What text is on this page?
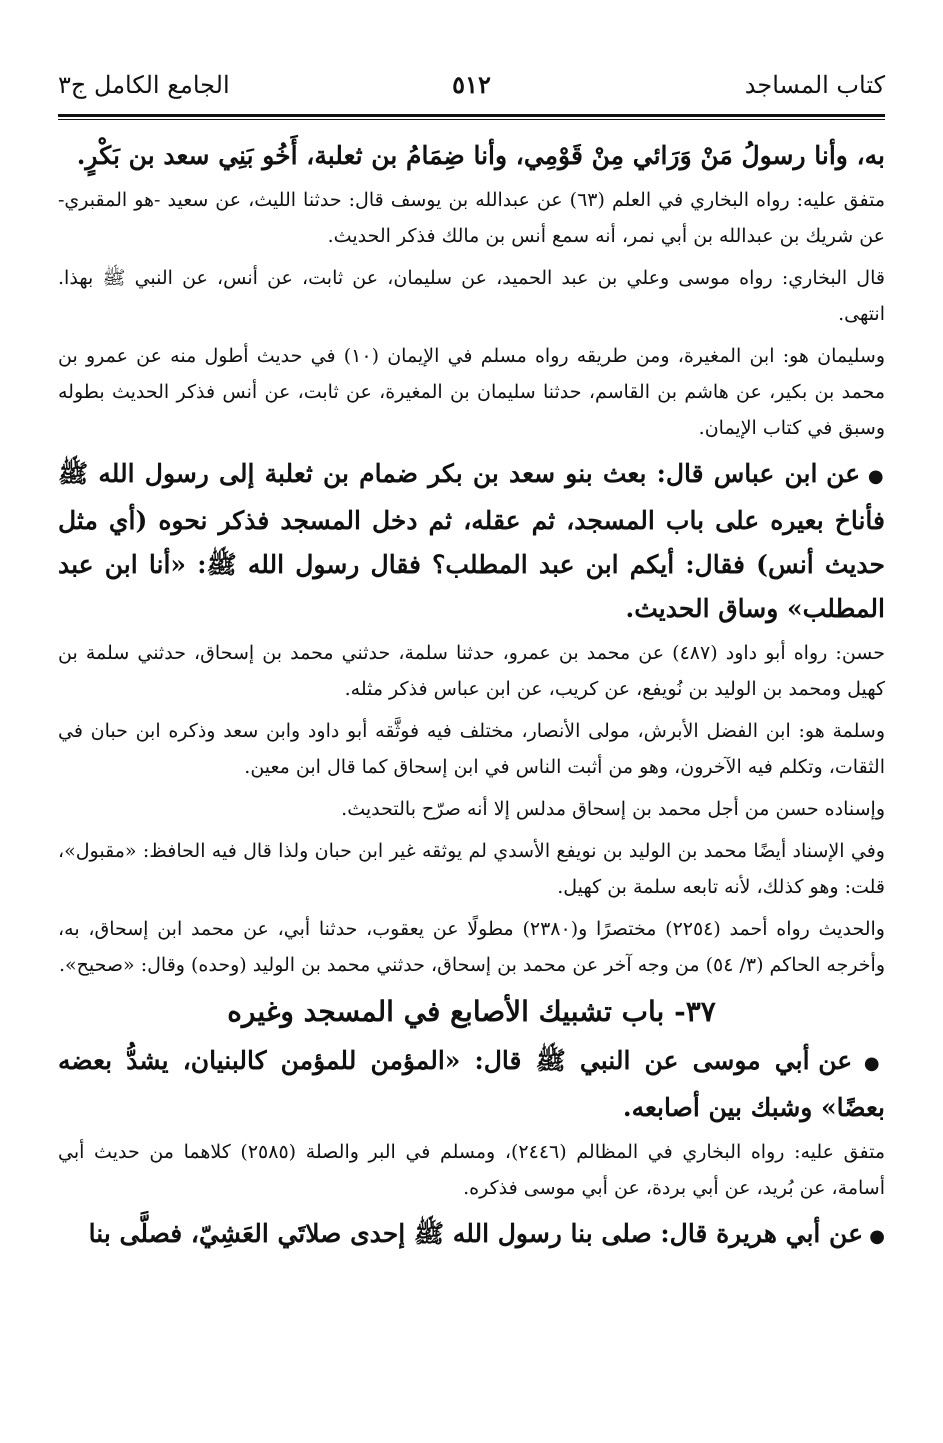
كتاب المساجد
٥١٢
الجامع الكامل ج٣

به، وأنا رسولُ مَنْ وَرَائي مِنْ قَوْمِي، وأنا ضِمَامُ بن ثعلبة، أَخُو بَنِي سعد بن بَكْرٍ.

متفق عليه: رواه البخاري في العلم (٦٣) عن عبدالله بن يوسف قال: حدثنا الليث، عن سعيد -هو المقبري- عن شريك بن عبدالله بن أبي نمر، أنه سمع أنس بن مالك فذكر الحديث.

قال البخاري: رواه موسى وعلي بن عبد الحميد، عن سليمان، عن ثابت، عن أنس، عن النبي ﷺ بهذا. انتهى.

وسليمان هو: ابن المغيرة، ومن طريقه رواه مسلم في الإيمان (١٠) في حديث أطول منه عن عمرو بن محمد بن بكير، عن هاشم بن القاسم، حدثنا سليمان بن المغيرة، عن ثابت، عن أنس فذكر الحديث بطوله وسبق في كتاب الإيمان.

● عن ابن عباس قال: بعث بنو سعد بن بكر ضمام بن ثعلبة إلى رسول الله ﷺ فأناخ بعيره على باب المسجد، ثم عقله، ثم دخل المسجد فذكر نحوه (أي مثل حديث أنس) فقال: أيكم ابن عبد المطلب؟ فقال رسول الله ﷺ: «أنا ابن عبد المطلب» وساق الحديث.

حسن: رواه أبو داود (٤٨٧) عن محمد بن عمرو، حدثنا سلمة، حدثني محمد بن إسحاق، حدثني سلمة بن كهيل ومحمد بن الوليد بن نُويفع، عن كريب، عن ابن عباس فذكر مثله.

وسلمة هو: ابن الفضل الأبرش، مولى الأنصار، مختلف فيه فوثَّقه أبو داود وابن سعد وذكره ابن حبان في الثقات، وتكلم فيه الآخرون، وهو من أثبت الناس في ابن إسحاق كما قال ابن معين.

وإسناده حسن من أجل محمد بن إسحاق مدلس إلا أنه صرّح بالتحديث.

وفي الإسناد أيضًا محمد بن الوليد بن نويفع الأسدي لم يوثقه غير ابن حبان ولذا قال فيه الحافظ: «مقبول»، قلت: وهو كذلك، لأنه تابعه سلمة بن كهيل.

والحديث رواه أحمد (٢٢٥٤) مختصرًا و(٢٣٨٠) مطولًا عن يعقوب، حدثنا أبي، عن محمد ابن إسحاق، به، وأخرجه الحاكم (٣/ ٥٤) من وجه آخر عن محمد بن إسحاق، حدثني محمد بن الوليد (وحده) وقال: «صحيح».

٣٧- باب تشبيك الأصابع في المسجد وغيره

● عن أبي موسى عن النبي ﷺ قال: «المؤمن للمؤمن كالبنيان، يشدُّ بعضه بعضًا» وشبك بين أصابعه.

متفق عليه: رواه البخاري في المظالم (٢٤٤٦)، ومسلم في البر والصلة (٢٥٨٥) كلاهما من حديث أبي أسامة، عن بُريد، عن أبي بردة، عن أبي موسى فذكره.

● عن أبي هريرة قال: صلى بنا رسول الله ﷺ إحدى صلاتَي العَشِيّ، فصلَّى بنا
